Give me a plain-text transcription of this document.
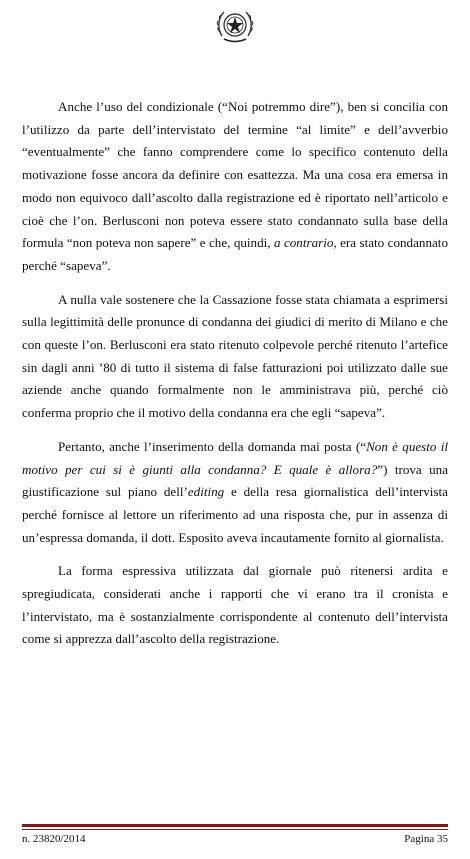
Anche l’uso del condizionale (“Noi potremmo dire”), ben si concilia con l’utilizzo da parte dell’intervistato del termine “al limite” e dell’avverbio “eventualmente” che fanno comprendere come lo specifico contenuto della motivazione fosse ancora da definire con esattezza. Ma una cosa era emersa in modo non equivoco dall’ascolto dalla registrazione ed è riportato nell’articolo e cioè che l’on. Berlusconi non poteva essere stato condannato sulla base della formula “non poteva non sapere” e che, quindi, a contrario, era stato condannato perché “sapeva”.

A nulla vale sostenere che la Cassazione fosse stata chiamata a esprimersi sulla legittimità delle pronunce di condanna dei giudici di merito di Milano e che con queste l’on. Berlusconi era stato ritenuto colpevole perché ritenuto l’artefice sin dagli anni ’80 di tutto il sistema di false fatturazioni poi utilizzato dalle sue aziende anche quando formalmente non le amministrava più, perché ciò conferma proprio che il motivo della condanna era che egli “sapeva”.

Pertanto, anche l’inserimento della domanda mai posta (“Non è questo il motivo per cui si è giunti alla condanna? E quale è allora?”) trova una giustificazione sul piano dell’editing e della resa giornalistica dell’intervista perché fornisce al lettore un riferimento ad una risposta che, pur in assenza di un’espressa domanda, il dott. Esposito aveva incautamente fornito al giornalista.

La forma espressiva utilizzata dal giornale può ritenersi ardita e spregiudicata, considerati anche i rapporti che vi erano tra il cronista e l’intervistato, ma è sostanzialmente corrispondente al contenuto dell’intervista come si apprezza dall’ascolto della registrazione.

n. 23820/2014	Pagina 35
